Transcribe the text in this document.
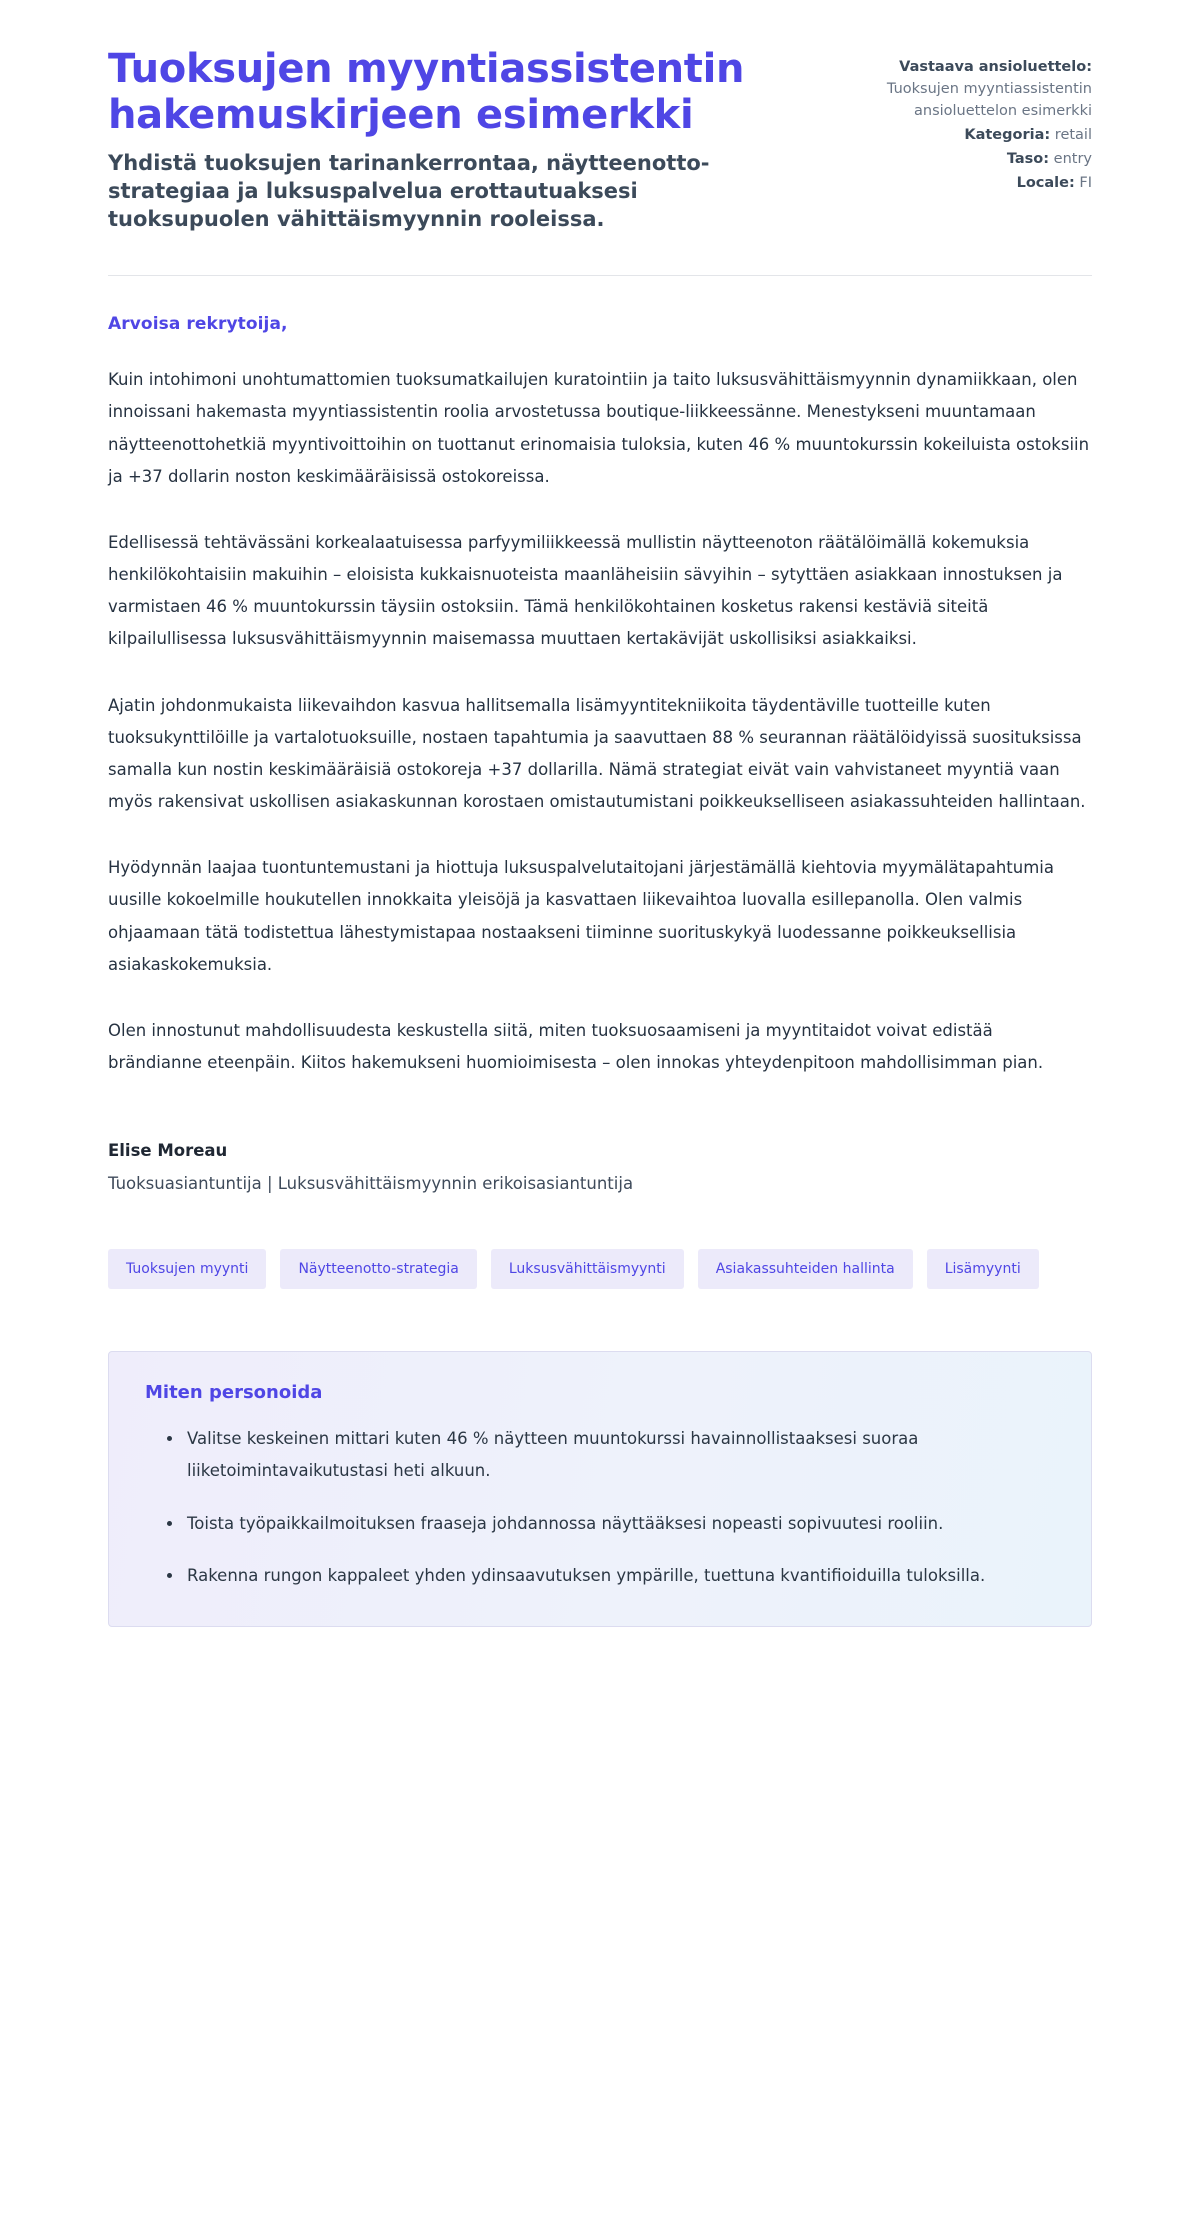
Tuoksujen myyntiassistentin hakemuskirjeen esimerkki

Yhdistä tuoksujen tarinankerrontaa, näytteenotto-strategiaa ja luksuspalvelua erottautuaksesi tuoksupuolen vähittäismyynnin rooleissa.

Vastaava ansioluettelo:
Tuoksujen myyntiassistentin ansioluettelon esimerkki
Kategoria: retail
Taso: entry
Locale: FI

Arvoisa rekrytoija,

Kuin intohimoni unohtumattomien tuoksumatkailujen kuratointiin ja taito luksusvähittäismyynnin dynamiikkaan, olen innoissani hakemasta myyntiassistentin roolia arvostetussa boutique-liikkeessänne. Menestykseni muuntamaan näytteenottohetkiä myyntivoittoihin on tuottanut erinomaisia tuloksia, kuten 46 % muuntokurssin kokeiluista ostoksiin ja +37 dollarin noston keskimääräisissä ostokoreissa.

Edellisessä tehtävässäni korkealaatuisessa parfyymiliikkeessä mullistin näytteenoton räätälöimällä kokemuksia henkilökohtaisiin makuihin – eloisista kukkaisnuoteista maanläheisiin sävyihin – sytyttäen asiakkaan innostuksen ja varmistaen 46 % muuntokurssin täysiin ostoksiin. Tämä henkilökohtainen kosketus rakensi kestäviä siteitä kilpailullisessa luksusvähittäismyynnin maisemassa muuttaen kertakävijät uskollisiksi asiakkaiksi.

Ajatin johdonmukaista liikevaihdon kasvua hallitsemalla lisämyyntitekniikoita täydentäville tuotteille kuten tuoksukynttilöille ja vartalotuoksuille, nostaen tapahtumia ja saavuttaen 88 % seurannan räätälöidyissä suosituksissa samalla kun nostin keskimääräisiä ostokoreja +37 dollarilla. Nämä strategiat eivät vain vahvistaneet myyntiä vaan myös rakensivat uskollisen asiakaskunnan korostaen omistautumistani poikkeukselliseen asiakassuhteiden hallintaan.

Hyödynnän laajaa tuontuntemustani ja hiottuja luksuspalvelutaitojani järjestämällä kiehtovia myymälätapahtumia uusille kokoelmille houkutellen innokkaita yleisöjä ja kasvattaen liikevaihtoa luovalla esillepanolla. Olen valmis ohjaamaan tätä todistettua lähestymistapaa nostaakseni tiiminne suorituskykyä luodessanne poikkeuksellisia asiakaskokemuksia.

Olen innostunut mahdollisuudesta keskustella siitä, miten tuoksuosaamiseni ja myyntitaidot voivat edistää brändianne eteenpäin. Kiitos hakemukseni huomioimisesta – olen innokas yhteydenpitoon mahdollisimman pian.

Elise Moreau

Tuoksuasiantuntija | Luksusvähittäismyynnin erikoisasiantuntija

Tuoksujen myynti	Näytteenotto-strategia	Luksusvähittäismyynti	Asiakassuhteiden hallinta	Lisämyynti
Miten personoida
Valitse keskeinen mittari kuten 46 % näytteen muuntokurssi havainnollistaaksesi suoraa liiketoimintavaikutustasi heti alkuun.
Toista työpaikkailmoituksen fraaseja johdannossa näyttääksesi nopeasti sopivuutesi rooliin.
Rakenna rungon kappaleet yhden ydinsaavutuksen ympärille, tuettuna kvantifioiduilla tuloksilla.
